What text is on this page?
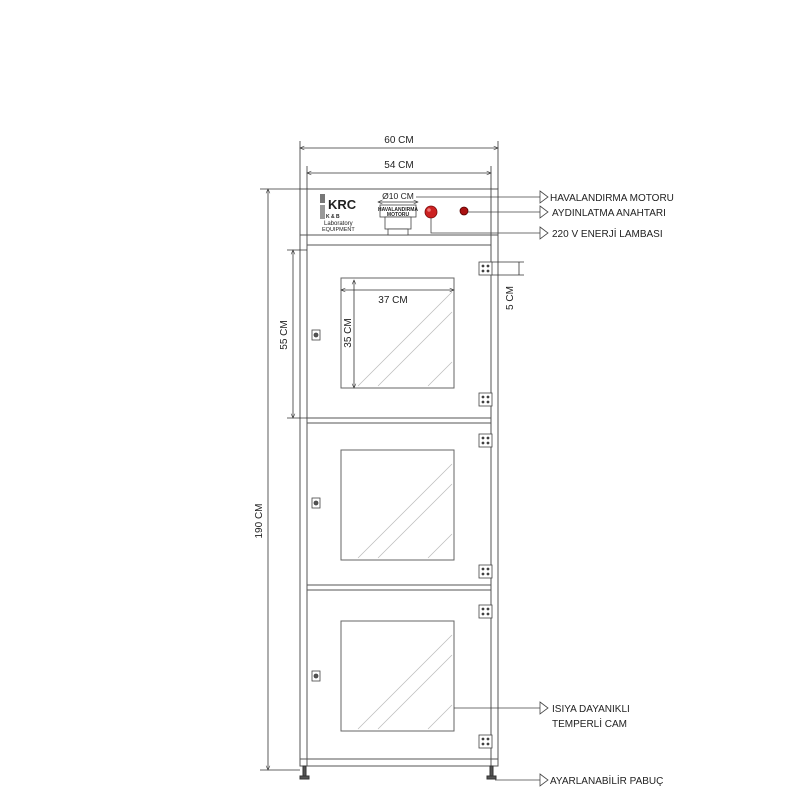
KRC
K & B
Laboratory
EQUIPMENT
HAVALANDIRMA
MOTORU
Ø10 CM
60 CM
54 CM
190 CM
55 CM
37 CM
35 CM
5 CM
HAVALANDIRMA MOTORU
AYDINLATMA ANAHTARI
220 V ENERJİ LAMBASI
ISIYA DAYANIKLI
TEMPERLİ CAM
AYARLANABİLİR PABUÇ
